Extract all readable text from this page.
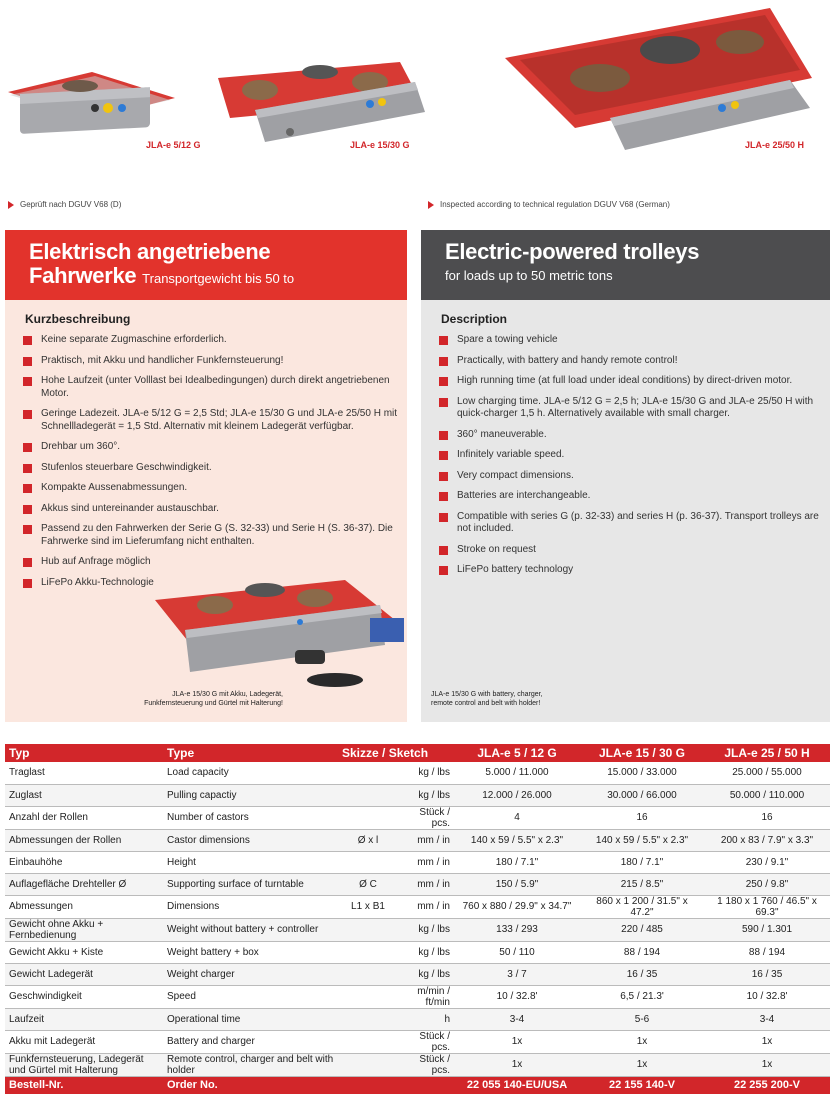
JLA-e 5/12 G	JLA-e 15/30 G	JLA-e 25/50 H
Geprüft nach DGUV V68 (D)	Inspected according to technical regulation DGUV V68 (German)
Elektrisch angetriebene
Fahrwerke Transportgewicht bis 50 to
Kurzbeschreibung
Keine separate Zugmaschine erforderlich.
Praktisch, mit Akku und handlicher Funkfernsteuerung!
Hohe Laufzeit (unter Volllast bei Idealbedingungen) durch direkt angetriebenen Motor.
Geringe Ladezeit. JLA-e 5/12 G = 2,5 Std; JLA-e 15/30 G und JLA-e 25/50 H mit Schnellladegerät = 1,5 Std. Alternativ mit kleinem Ladegerät verfügbar.
Drehbar um 360°.
Stufenlos steuerbare Geschwindigkeit.
Kompakte Aussenabmessungen.
Akkus sind untereinander austauschbar.
Passend zu den Fahrwerken der Serie G (S. 32-33) und Serie H (S. 36-37). Die Fahrwerke sind im Lieferumfang nicht enthalten.
Hub auf Anfrage möglich
LiFePo Akku-Technologie
JLA-e 15/30 G mit Akku, Ladegerät,
Funkfernsteuerung und Gürtel mit Halterung!
Electric-powered trolleys
for loads up to 50 metric tons
Description
Spare a towing vehicle
Practically, with battery and handy remote control!
High running time (at full load under ideal conditions) by direct-driven motor.
Low charging time. JLA-e 5/12 G = 2,5 h; JLA-e 15/30 G and JLA-e 25/50 H with quick-charger 1,5 h. Alternatively available with small charger.
360° maneuverable.
Infinitely variable speed.
Very compact dimensions.
Batteries are interchangeable.
Compatible with series G (p. 32-33) and series H (p. 36-37). Transport trolleys are not included.
Stroke on request
LiFePo battery technology
JLA-e 15/30 G with battery, charger,
remote control and belt with holder!
Typ	Type	Skizze / Sketch		JLA-e 5 / 12 G	JLA-e 15 / 30 G	JLA-e 25 / 50 H
Traglast	Load capacity		kg / lbs	5.000 / 11.000	15.000 / 33.000	25.000 / 55.000
Zuglast	Pulling capactiy		kg / lbs	12.000 / 26.000	30.000 / 66.000	50.000 / 110.000
Anzahl der Rollen	Number of castors		Stück / pcs.	4	16	16
Abmessungen der Rollen	Castor dimensions	Ø x l	mm / in	140 x 59 / 5.5" x 2.3"	140 x 59 / 5.5" x 2.3"	200 x 83 / 7.9" x 3.3"
Einbauhöhe	Height		mm / in	180 / 7.1"	180 / 7.1"	230 / 9.1"
Auflagefläche Drehteller Ø	Supporting surface of turntable	Ø C	mm / in	150 / 5.9"	215 / 8.5"	250 / 9.8"
Abmessungen	Dimensions	L1 x B1	mm / in	760 x 880 / 29.9" x 34.7"	860 x 1 200 / 31.5" x 47.2"	1 180 x 1 760 / 46.5" x 69.3"
Gewicht ohne Akku + Fernbedienung	Weight without battery + controller		kg / lbs	133 / 293	220 / 485	590 / 1.301
Gewicht Akku + Kiste	Weight battery + box		kg / lbs	50 / 110	88 / 194	88 / 194
Gewicht Ladegerät	Weight charger		kg / lbs	3 / 7	16 / 35	16 / 35
Geschwindigkeit	Speed		m/min / ft/min	10 / 32.8'	6,5 / 21.3'	10 / 32.8'
Laufzeit	Operational time		h	3-4	5-6	3-4
Akku mit Ladegerät	Battery and charger		Stück / pcs.	1x	1x	1x
Funkfernsteuerung, Ladegerät und Gürtel mit Halterung	Remote control, charger and belt with holder		Stück / pcs.	1x	1x	1x
Bestell-Nr.	Order No.			22 055 140-EU/USA	22 155 140-V	22 255 200-V
